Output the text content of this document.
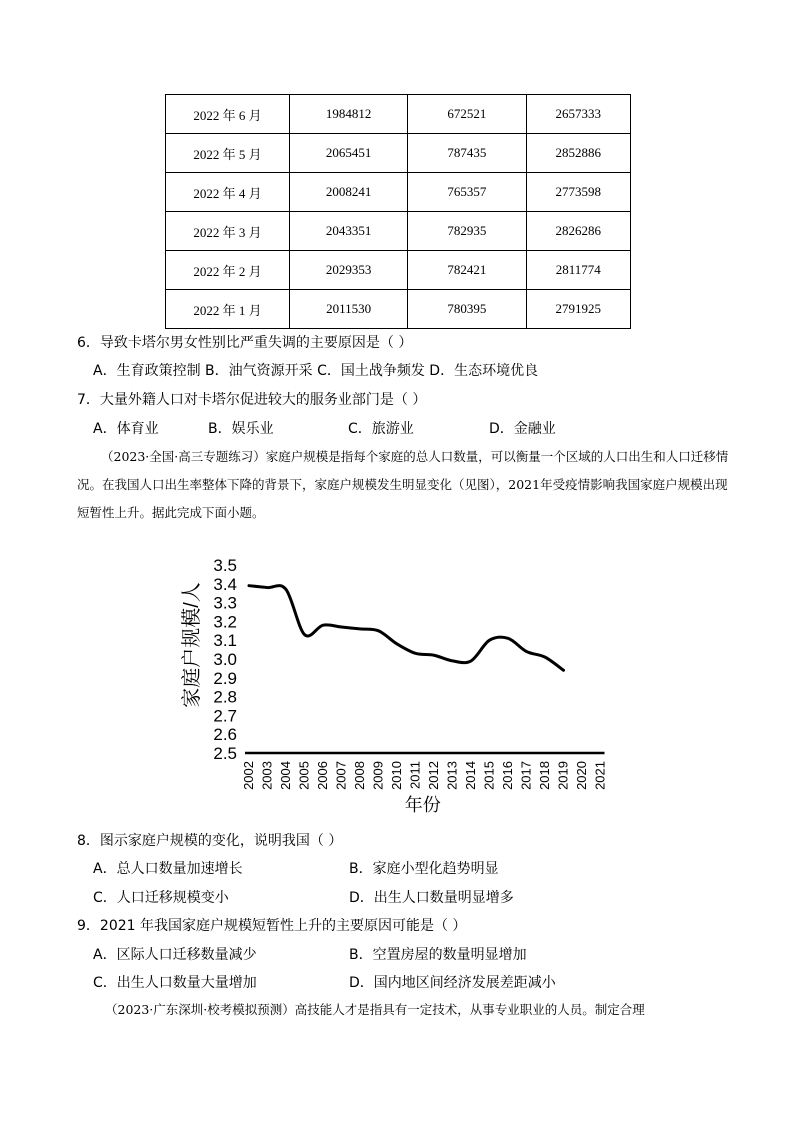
2022 年 6 月	1984812	672521	2657333
2022 年 5 月	2065451	787435	2852886
2022 年 4 月	2008241	765357	2773598
2022 年 3 月	2043351	782935	2826286
2022 年 2 月	2029353	782421	2811774
2022 年 1 月	2011530	780395	2791925
6．导致卡塔尔男女性别比严重失调的主要原因是（ ）
A．生育政策控制 B．油气资源开采 C．国土战争频发 D．生态环境优良
7．大量外籍人口对卡塔尔促进较大的服务业部门是（ ）
A．体育业	B．娱乐业	C．旅游业	D．金融业
（2023·全国·高三专题练习）家庭户规模是指每个家庭的总人口数量，可以衡量一个区域的人口出生和人口迁移情况。在我国人口出生率整体下降的背景下，家庭户规模发生明显变化（见图），2021年受疫情影响我国家庭户规模出现短暂性上升。据此完成下面小题。
3.5
3.4
3.3
3.2
3.1
3.0
2.9
2.8
2.7
2.6
2.5
2002 2003 2004 2005 2006 2007 2008 2009 2010 2011 2012 2013 2014 2015 2016 2017 2018 2019 2020 2021
家庭户规模/人
年份
8．图示家庭户规模的变化，说明我国（ ）
A．总人口数量加速增长	B．家庭小型化趋势明显
C．人口迁移规模变小	D．出生人口数量明显增多
9．2021 年我国家庭户规模短暂性上升的主要原因可能是（ ）
A．区际人口迁移数量减少	B．空置房屋的数量明显增加
C．出生人口数量大量增加	D．国内地区间经济发展差距减小
（2023·广东深圳·校考模拟预测）高技能人才是指具有一定技术，从事专业职业的人员。制定合理
